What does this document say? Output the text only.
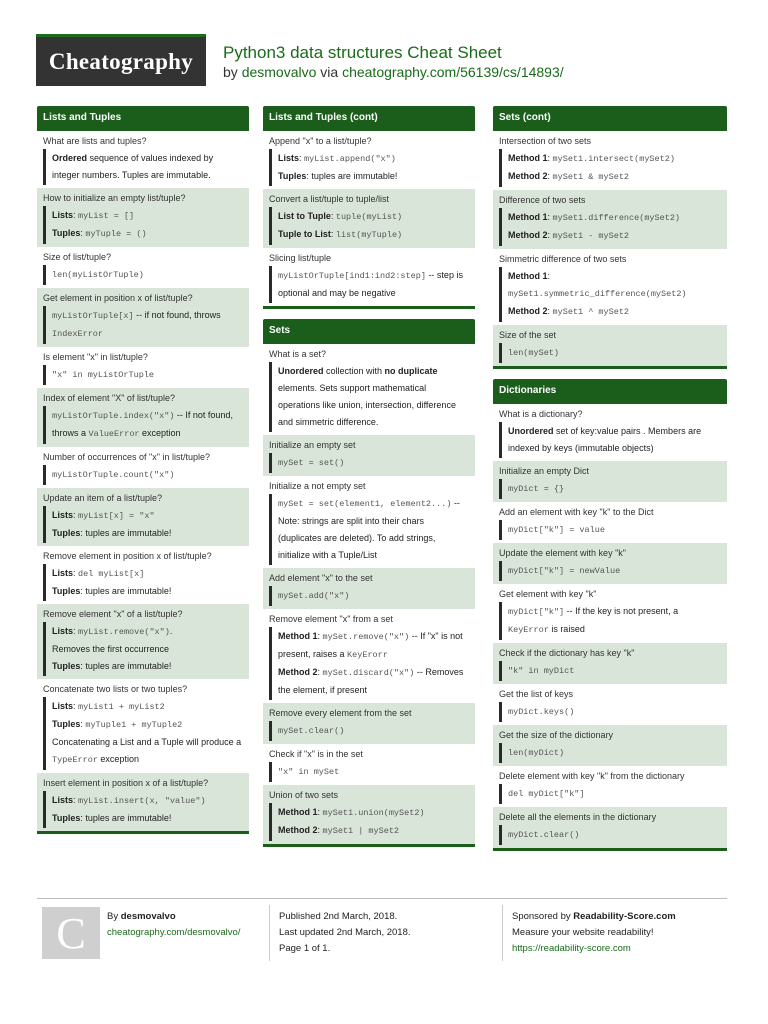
Cheatography	Python3 data structures Cheat Sheet
by desmovalvo via cheatography.com/56139/cs/14893/
Lists and Tuples
What are lists and tuples?
Ordered sequence of values indexed by integer numbers. Tuples are immutable.
How to initialize an empty list/tuple?
Lists: myList = []
Tuples: myTuple = ()
Size of list/tuple?
len(myListOrTuple)
Get element in position x of list/tuple?
myListOrTuple[x] -- if not found, throws IndexError
Is element "x" in list/tuple?
"x" in myListOrTuple
Index of element "X" of list/tuple?
myListOrTuple.index("x") -- If not found, throws a ValueError exception
Number of occurrences of "x" in list/tuple?
myListOrTuple.count("x")
Update an item of a list/tuple?
Lists: myList[x] = "x"
Tuples: tuples are immutable!
Remove element in position x of list/tuple?
Lists: del myList[x]
Tuples: tuples are immutable!
Remove element "x" of a list/tuple?
Lists: myList.remove("x").
Removes the first occurrence
Tuples: tuples are immutable!
Concatenate two lists or two tuples?
Lists: myList1 + myList2
Tuples: myTuple1 + myTuple2
Concatenating a List and a Tuple will produce a TypeError exception
Insert element in position x of a list/tuple?
Lists: myList.insert(x, "value")
Tuples: tuples are immutable!
Lists and Tuples (cont)
Append "x" to a list/tuple?
Lists: myList.append("x")
Tuples: tuples are immutable!
Convert a list/tuple to tuple/list
List to Tuple: tuple(myList)
Tuple to List: list(myTuple)
Slicing list/tuple
myListOrTuple[ind1:ind2:step] -- step is optional and may be negative
Sets
What is a set?
Unordered collection with no duplicate elements. Sets support mathematical operations like union, intersection, difference and simmetric difference.
Initialize an empty set
mySet = set()
Initialize a not empty set
mySet = set(element1, element2...) -- Note: strings are split into their chars (duplicates are deleted). To add strings, initialize with a Tuple/List
Add element "x" to the set
mySet.add("x")
Remove element "x" from a set
Method 1: mySet.remove("x") -- If "x" is not present, raises a KeyErorr
Method 2: mySet.discard("x") -- Removes the element, if present
Remove every element from the set
mySet.clear()
Check if "x" is in the set
"x" in mySet
Union of two sets
Method 1: mySet1.union(mySet2)
Method 2: mySet1 | mySet2
Sets (cont)
Intersection of two sets
Method 1: mySet1.intersect(mySet2)
Method 2: mySet1 & mySet2
Difference of two sets
Method 1: mySet1.difference(mySet2)
Method 2: mySet1 - mySet2
Simmetric difference of two sets
Method 1:
mySet1.symmetric_difference(mySet2)
Method 2: mySet1 ^ mySet2
Size of the set
len(mySet)
Dictionaries
What is a dictionary?
Unordered set of key:value pairs . Members are indexed by keys (immutable objects)
Initialize an empty Dict
myDict = {}
Add an element with key "k" to the Dict
myDict["k"] = value
Update the element with key "k"
myDict["k"] = newValue
Get element with key "k"
myDict["k"] -- If the key is not present, a KeyError is raised
Check if the dictionary has key "k"
"k" in myDict
Get the list of keys
myDict.keys()
Get the size of the dictionary
len(myDict)
Delete element with key "k" from the dictionary
del myDict["k"]
Delete all the elements in the dictionary
myDict.clear()
C	By desmovalvo
cheatography.com/desmovalvo/
Published 2nd March, 2018.
Last updated 2nd March, 2018.
Page 1 of 1.
Sponsored by Readability-Score.com
Measure your website readability!
https://readability-score.com
